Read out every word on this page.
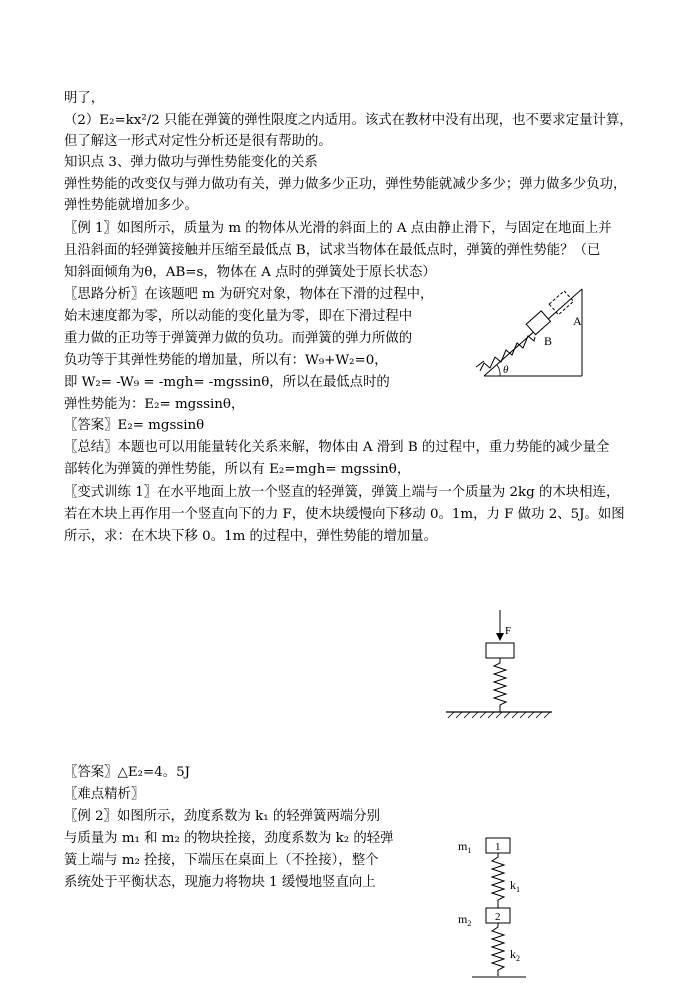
明了，
（2）E₂=kx²/2 只能在弹簧的弹性限度之内适用。该式在教材中没有出现，也不要求定量计算，
但了解这一形式对定性分析还是很有帮助的。
知识点 3、弹力做功与弹性势能变化的关系
弹性势能的改变仅与弹力做功有关，弹力做多少正功，弹性势能就减少多少；弹力做多少负功，
弹性势能就增加多少。
〖例 1〗如图所示，质量为 m 的物体从光滑的斜面上的 A 点由静止滑下，与固定在地面上并
且沿斜面的轻弹簧接触并压缩至最低点 B，试求当物体在最低点时，弹簧的弹性势能？（已
知斜面倾角为θ，AB=s，物体在 A 点时的弹簧处于原长状态）
〖思路分析〗在该题吧 m 为研究对象，物体在下滑的过程中，
始末速度都为零，所以动能的变化量为零，即在下滑过程中
重力做的正功等于弹簧弹力做的负功。而弹簧的弹力所做的
负功等于其弹性势能的增加量，所以有：W₉+W₂=0，
即 W₂= -W₉ = -mgh= -mgssinθ，所以在最低点时的
弹性势能为：E₂= mgssinθ，
〖答案〗E₂= mgssinθ
〖总结〗本题也可以用能量转化关系来解，物体由 A 滑到 B 的过程中，重力势能的减少量全
部转化为弹簧的弹性势能，所以有 E₂=mgh= mgssinθ，
〖变式训练 1〗在水平地面上放一个竖直的轻弹簧，弹簧上端与一个质量为 2kg 的木块相连，
若在木块上再作用一个竖直向下的力 F，使木块缓慢向下移动 0。1m，力 F 做功 2、5J。如图
所示，求：在木块下移 0。1m 的过程中，弹性势能的增加量。
〖答案〗△E₂=4。5J
〖难点精析〗
〖例 2〗如图所示，劲度系数为 k₁ 的轻弹簧两端分别
与质量为 m₁ 和 m₂ 的物块拴接，劲度系数为 k₂ 的轻弹
簧上端与 m₂ 拴接，下端压在桌面上（不拴接），整个
系统处于平衡状态，现施力将物块 1 缓慢地竖直向上
A
B
θ
F
$m_1$ 1
$k_1$
$m_2$
2
$k_2$
